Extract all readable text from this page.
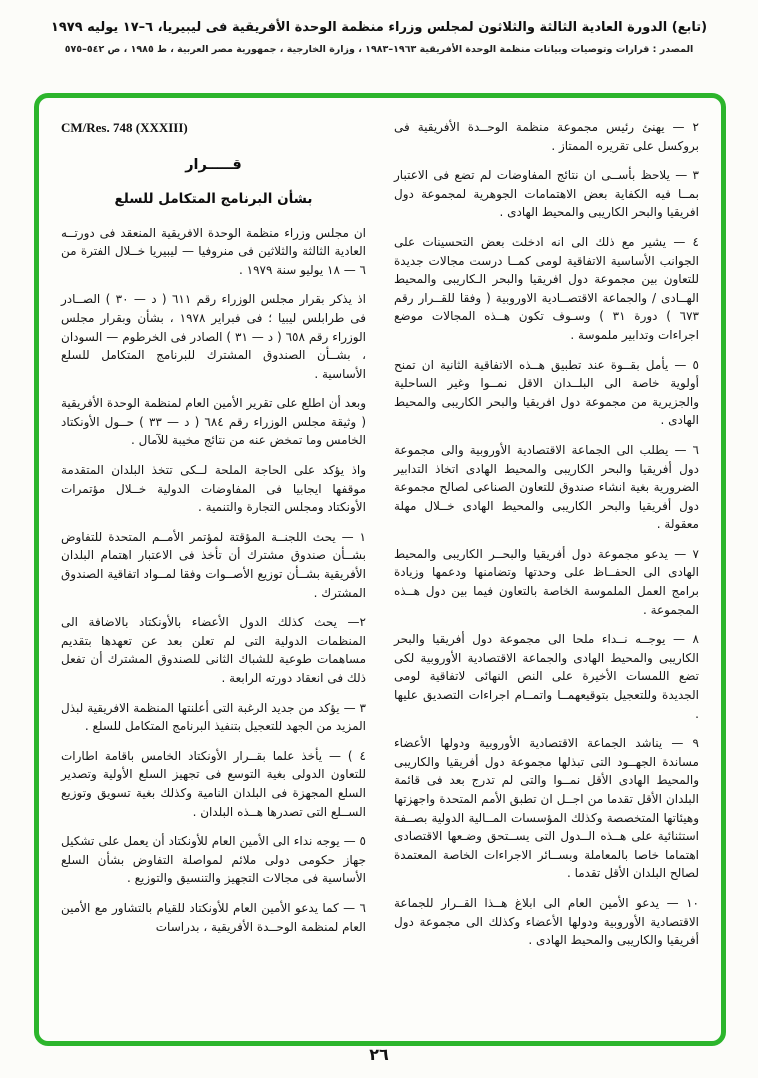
(تابع) الدورة العادية الثالثة والثلاثون لمجلس وزراء منظمة الوحدة الأفريقية فى ليبيريا، ٦–١٧ يوليه ١٩٧٩
المصدر : قرارات وتوصيات وبيانات منظمة الوحدة الأفريقية ١٩٦٣–١٩٨٣ ، وزارة الخارجية ، جمهورية مصر العربية ، ط ١٩٨٥ ، ص ٥٤٢–٥٧٥

٢ — يهنئ رئيس مجموعة منظمة الوحــدة الأفريقية فى بروكسل على تقريره الممتاز .

٣ — يلاحظ بأســى ان نتائج المفاوضات لم تضع فى الاعتبار بمــا فيه الكفاية بعض الاهتمامات الجوهرية لمجموعة دول افريقيا والبحر الكاريبى والمحيط الهادى .

٤ — يشير مع ذلك الى انه ادخلت بعض التحسينات على الجوانب الأساسية الاتفاقية لومى كمــا درست مجالات جديدة للتعاون بين مجموعة دول افريقيا والبحر الـكاريبى والمحيط الهــادى / والجماعة الاقتصــادية الاوروبية ( وفقا للقــرار رقم ٦٧٣ ) دورة ٣١ ) وسـوف تكون هــذه المجالات موضع اجراءات وتدابير ملموسة .

٥ — يأمل بقــوة عند تطبيق هــذه الاتفاقية الثانية ان تمنح أولوية خاصة الى البلــدان الاقل نمــوا وغير الساحلية والجزيرية من مجموعة دول افريقيا والبحر الكاريبى والمحيط الهادى .

٦ — يطلب الى الجماعة الاقتصادية الأوروبية والى مجموعة دول أفريقيا والبحر الكاريبى والمحيط الهادى اتخاذ التدابير الضرورية بغية انشاء صندوق للتعاون الصناعى لصالح مجموعة دول أفريقيا والبحر الكاريبى والمحيط الهادى خــلال مهلة معقولة .

٧ — يدعو مجموعة دول أفريقيا والبحــر الكاريبى والمحيط الهادى الى الحفــاظ على وحدتها وتضامنها ودعمها وزيادة برامج العمل الملموسة الخاصة بالتعاون فيما بين دول هــذه المجموعة .

٨ — يوجــه نــداء ملحا الى مجموعة دول أفريقيا والبحر الكاريبى والمحيط الهادى والجماعة الاقتصادية الأوروبية لكى تضع اللمسات الأخيرة على النص النهائى لاتفاقية لومى الجديدة وللتعجيل بتوقيعهمــا واتمــام اجراءات التصديق عليها .

٩ — يناشد الجماعة الاقتصادية الأوروبية ودولها الأعضاء مساندة الجهــود التى تبذلها مجموعة دول أفريقيا والكاريبى والمحيط الهادى الأقل نمــوا والتى لم تدرج بعد فى قائمة البلدان الأقل تقدما من اجــل ان تطبق الأمم المتحدة واجهزتها وهيئاتها المتخصصة وكذلك المؤسسات المــالية الدولية بصــفة استثنائية على هــذه الــدول التى يســتحق وضـعها الاقتصادى اهتماما خاصا بالمعاملة وبســائر الاجراءات الخاصة المعتمدة لصالح البلدان الأقل تقدما .

١٠ — يدعو الأمين العام الى ابلاغ هــذا القــرار للجماعة الاقتصادية الأوروبية ودولها الأعضاء وكذلك الى مجموعة دول أفريقيا والكاريبى والمحيط الهادى .

CM/Res. 748 (XXXIII)
قـــــرار
بشأن البرنامج المتكامل للسلع

ان مجلس وزراء منظمة الوحدة الافريقية المنعقد فى دورتــه العادية الثالثة والثلاثين فى منروفيا — ليبيريا خــلال الفترة من ٦ — ١٨ يوليو سنة ١٩٧٩ .

اذ يذكر بقرار مجلس الوزراء رقم ٦١١ ( د — ٣٠ ) الصــادر فى طرابلس ليبيا ؛ فى فبراير ١٩٧٨ ، بشأن وبقرار مجلس الوزراء رقم ٦٥٨ ( د — ٣١ ) الصادر فى الخرطوم — السودان ، بشــأن الصندوق المشترك للبرنامج المتكامل للسلع الأساسية .

وبعد أن اطلع على تقرير الأمين العام لمنظمة الوحدة الأفريقية ( وثيقة مجلس الوزراء رقم ٦٨٤ ( د — ٣٣ ) حــول الأونكتاد الخامس وما تمخض عنه من نتائج مخيبة للآمال .

واذ يؤكد على الحاجة الملحة لــكى تتخذ البلدان المتقدمة موقفها ايجابيا فى المفاوضات الدولية خــلال مؤتمرات الأونكتاد ومجلس التجارة والتنمية .

١ — يحث اللجنــة المؤقتة لمؤتمر الأمــم المتحدة للتفاوض بشــأن صندوق مشترك أن تأخذ فى الاعتبار اهتمام البلدان الأفريقية بشــأن توزيع الأصــوات وفقا لمــواد اتفاقية الصندوق المشترك .

٢— يحث كذلك الدول الأعضاء بالأونكتاد بالاضافة الى المنظمات الدولية التى لم تعلن بعد عن تعهدها بتقديم مساهمات طوعية للشباك الثانى للصندوق المشترك أن تفعل ذلك فى انعقاد دورته الرابعة .

٣ — يؤكد من جديد الرغبة التى أعلنتها المنظمة الافريقية لبذل المزيد من الجهد للتعجيل بتنفيذ البرنامج المتكامل للسلع .

٤ ) — يأخذ علما بقــرار الأونكتاد الخامس باقامة اطارات للتعاون الدولى بغية التوسع فى تجهيز السلع الأولية وتصدير السلع المجهزة فى البلدان النامية وكذلك بغية تسويق وتوزيع الســلع التى تصدرها هــذه البلدان .

٥ — يوجه نداء الى الأمين العام للأونكتاد أن يعمل على تشكيل جهاز حكومى دولى ملائم لمواصلة التفاوض بشأن السلع الأساسية فى مجالات التجهيز والتنسيق والتوزيع .

٦ — كما يدعو الأمين العام للأونكتاد للقيام بالتشاور مع الأمين العام لمنظمة الوحــدة الأفريقية ، بدراسات

٢٦
